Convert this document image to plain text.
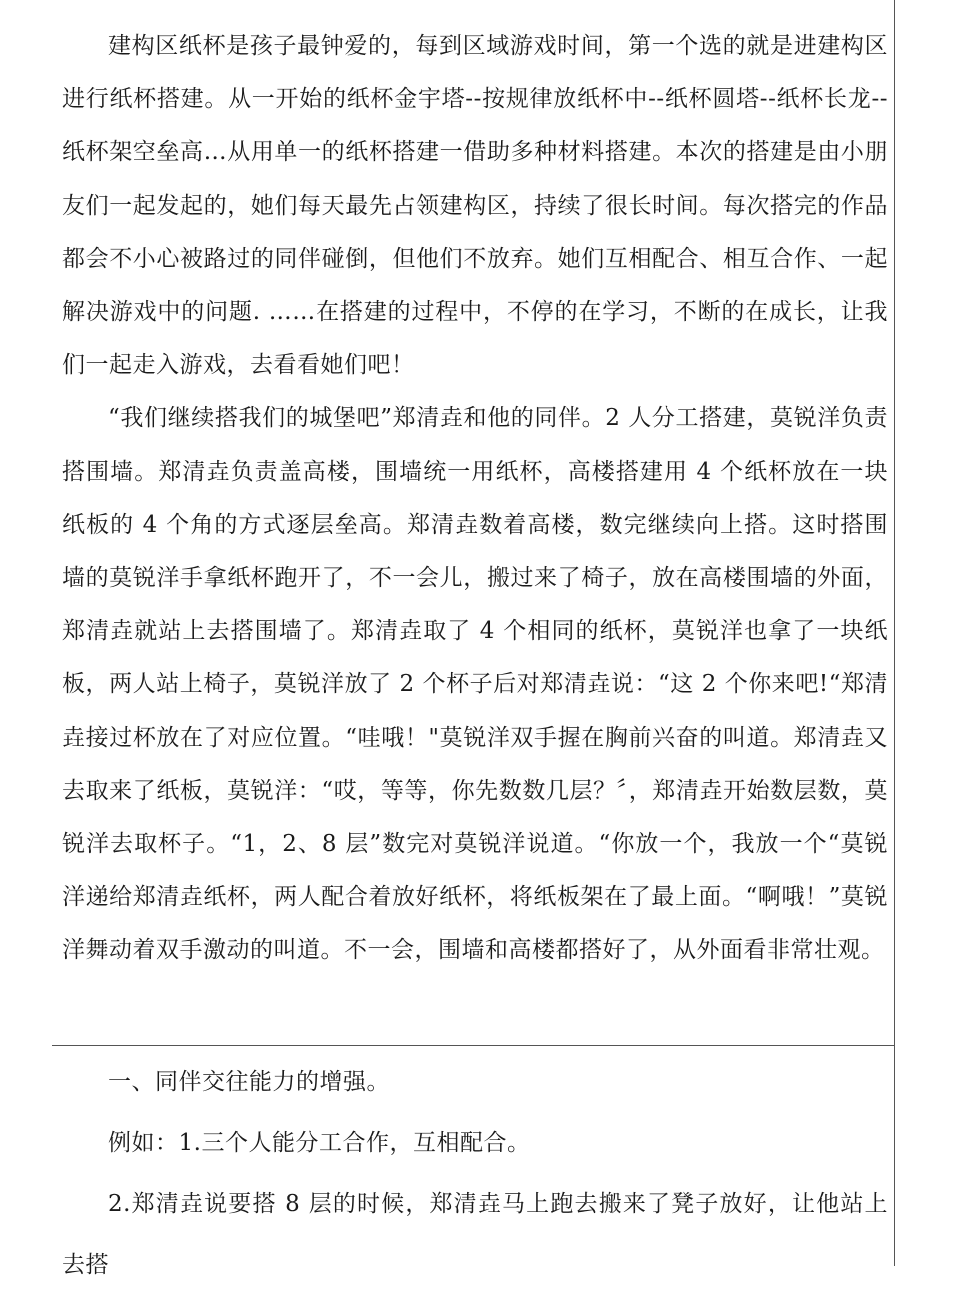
建构区纸杯是孩子最钟爱的，每到区域游戏时间，第一个选的就是进建构区进行纸杯搭建。从一开始的纸杯金宇塔--按规律放纸杯中--纸杯圆塔--纸杯长龙--纸杯架空垒高…从用单一的纸杯搭建一借助多种材料搭建。本次的搭建是由小朋友们一起发起的，她们每天最先占领建构区，持续了很长时间。每次搭完的作品都会不小心被路过的同伴碰倒，但他们不放弃。她们互相配合、相互合作、一起解决游戏中的问题. ……在搭建的过程中，不停的在学习，不断的在成长，让我们一起走入游戏，去看看她们吧！

“我们继续搭我们的城堡吧”郑清垚和他的同伴。2 人分工搭建，莫锐洋负责搭围墙。郑清垚负责盖高楼，围墙统一用纸杯，高楼搭建用 4 个纸杯放在一块纸板的 4 个角的方式逐层垒高。郑清垚数着高楼，数完继续向上搭。这时搭围墙的莫锐洋手拿纸杯跑开了，不一会儿，搬过来了椅子，放在高楼围墙的外面，郑清垚就站上去搭围墙了。郑清垚取了 4 个相同的纸杯，莫锐洋也拿了一块纸板，两人站上椅子，莫锐洋放了 2 个杯子后对郑清垚说：“这 2 个你来吧!“郑清垚接过杯放在了对应位置。“哇哦！"莫锐洋双手握在胸前兴奋的叫道。郑清垚又去取来了纸板，莫锐洋：“哎，等等，你先数数几层？〞，郑清垚开始数层数，莫锐洋去取杯子。“1，2、8 层”数完对莫锐洋说道。“你放一个，我放一个“莫锐洋递给郑清垚纸杯，两人配合着放好纸杯，将纸板架在了最上面。“啊哦！”莫锐洋舞动着双手激动的叫道。不一会，围墙和高楼都搭好了，从外面看非常壮观。

一、同伴交往能力的增强。

例如：1.三个人能分工合作，互相配合。

2.郑清垚说要搭 8 层的时候，郑清垚马上跑去搬来了凳子放好，让他站上去搭
